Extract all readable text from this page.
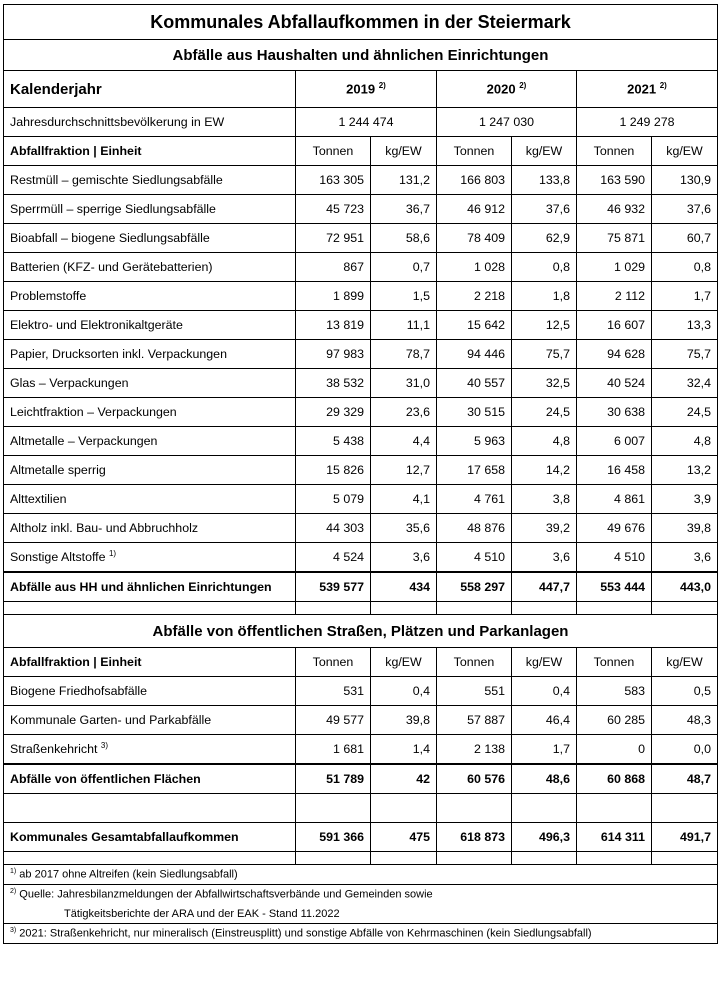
Kommunales Abfallaufkommen in der Steiermark						
Abfälle aus Haushalten und ähnlichen Einrichtungen						
Kalenderjahr	2019 $^{2)}$		2020 $^{2)}$		2021 $^{2)}$
Jahresdurchschnittsbevölkerung in EW	1 244 474		1 247 030		1 249 278	
Abfallfraktion | Einheit	Tonnen	kg/EW	Tonnen	kg/EW	Tonnen	kg/EW
Restmüll – gemischte Siedlungsabfälle	163 305	131,2	166 803	133,8	163 590	130,9
Sperrmüll – sperrige Siedlungsabfälle	45 723	36,7	46 912	37,6	46 932	37,6
Bioabfall – biogene Siedlungsabfälle	72 951	58,6	78 409	62,9	75 871	60,7
Batterien (KFZ- und Gerätebatterien)	867	0,7	1 028	0,8	1 029	0,8
Problemstoffe	1 899	1,5	2 218	1,8	2 112	1,7
Elektro- und Elektronikaltgeräte	13 819	11,1	15 642	12,5	16 607	13,3
Papier, Drucksorten inkl. Verpackungen	97 983	78,7	94 446	75,7	94 628	75,7
Glas – Verpackungen	38 532	31,0	40 557	32,5	40 524	32,4
Leichtfraktion – Verpackungen	29 329	23,6	30 515	24,5	30 638	24,5
Altmetalle – Verpackungen	5 438	4,4	5 963	4,8	6 007	4,8
Altmetalle sperrig	15 826	12,7	17 658	14,2	16 458	13,2
Alttextilien	5 079	4,1	4 761	3,8	4 861	3,9
Altholz inkl. Bau- und Abbruchholz	44 303	35,6	48 876	39,2	49 676	39,8
Sonstige Altstoffe $^{1)}$	4 524	3,6	4 510	3,6	4 510	3,6
Abfälle aus HH und ähnlichen Einrichtungen	539 577	434	558 297	447,7	553 444	443,0

Abfälle von öffentlichen Straßen, Plätzen und Parkanlagen						
Abfallfraktion | Einheit	Tonnen	kg/EW	Tonnen	kg/EW	Tonnen	kg/EW
Biogene Friedhofsabfälle	531	0,4	551	0,4	583	0,5
Kommunale Garten- und Parkabfälle	49 577	39,8	57 887	46,4	60 285	48,3
Straßenkehricht $^{3)}$	1 681	1,4	2 138	1,7	0	0,0
Abfälle von öffentlichen Flächen	51 789	42	60 576	48,6	60 868	48,7

Kommunales Gesamtabfallaufkommen	591 366	475	618 873	496,3	614 311	491,7

$^{1)}$ ab 2017 ohne Altreifen (kein Siedlungsabfall)						
$^{2)}$ Quelle: Jahresbilanzmeldungen der Abfallwirtschaftsverbände und Gemeinden sowie						
Tätigkeitsberichte der ARA und der EAK - Stand 11.2022						
$^{3)}$ 2021: Straßenkehricht, nur mineralisch (Einstreusplitt) und sonstige Abfälle von Kehrmaschinen (kein Siedlungsabfall)						
